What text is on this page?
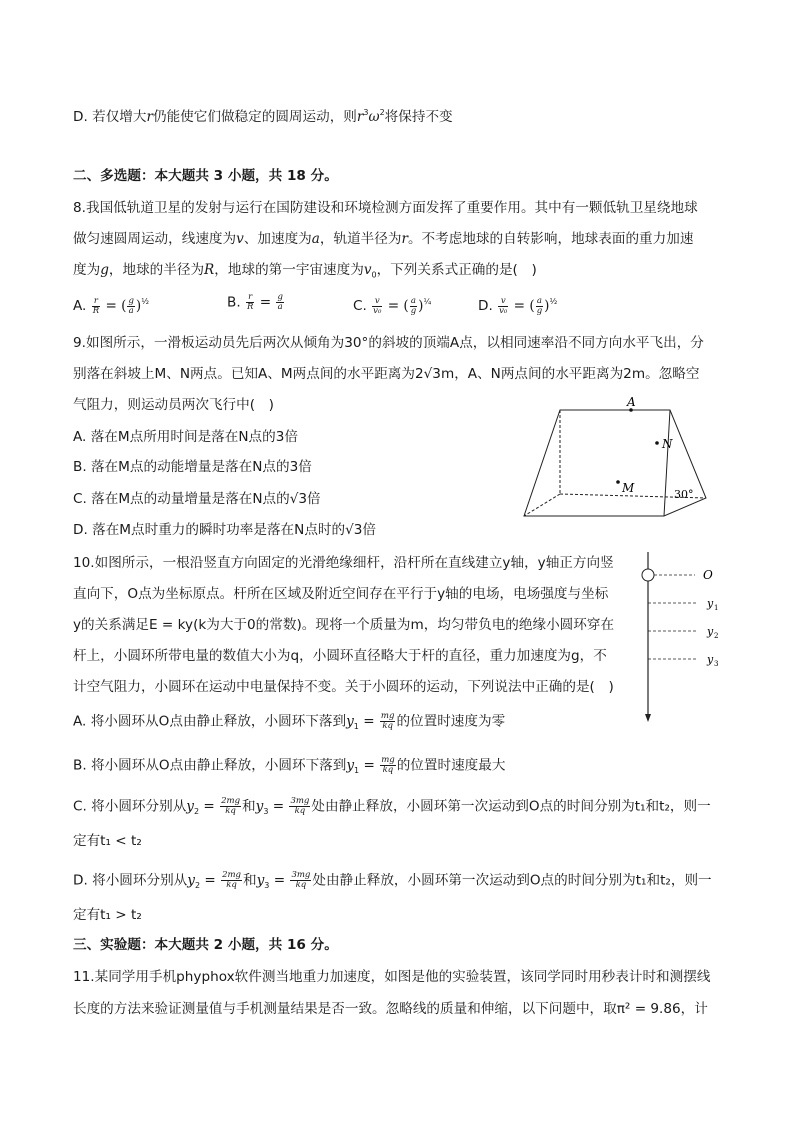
D. 若仅增大r仍能使它们做稳定的圆周运动，则$r^3\omega^2$将保持不变
二、多选题：本大题共 3 小题，共 18 分。
8.我国低轨道卫星的发射与运行在国防建设和环境检测方面发挥了重要作用。其中有一颗低轨卫星绕地球
做匀速圆周运动，线速度为v、加速度为a，轨道半径为r。不考虑地球的自转影响，地球表面的重力加速
度为g，地球的半径为R，地球的第一宇宙速度为$v_0$，下列关系式正确的是(　)
A. $\frac{r}{R}$ = ( $\frac{g}{a} )^{\frac{1}{2}}$	B. $\frac{r}{R} = \frac{g}{a}$	C. $\frac{v}{\text{v₀}}$ = ( $\frac{a}{g} )^{\frac{1}{4}}$	D. $\frac{v}{\text{v₀}}$ = ( $\frac{a}{g} )^{\frac{1}{2}}$
9.如图所示，一滑板运动员先后两次从倾角为30°的斜坡的顶端A点，以相同速率沿不同方向水平飞出，分
别落在斜坡上M、N两点。已知A、M两点间的水平距离为2√3m，A、N两点间的水平距离为2m。忽略空
气阻力，则运动员两次飞行中(　)
A. 落在M点所用时间是落在N点的3倍
B. 落在M点的动能增量是落在N点的3倍
C. 落在M点的动量增量是落在N点的√3倍
D. 落在M点时重力的瞬时功率是落在N点时的√3倍
A
N
M	30°
10.如图所示，一根沿竖直方向固定的光滑绝缘细杆，沿杆所在直线建立y轴，y轴正方向竖
直向下，O点为坐标原点。杆所在区域及附近空间存在平行于y轴的电场，电场强度与坐标
y的关系满足E = ky(k为大于0的常数)。现将一个质量为m，均匀带负电的绝缘小圆环穿在
杆上，小圆环所带电量的数值大小为q，小圆环直径略大于杆的直径，重力加速度为g，不
计空气阻力，小圆环在运动中电量保持不变。关于小圆环的运动，下列说法中正确的是(　)
A. 将小圆环从O点由静止释放，小圆环下落到$y_1 = \frac{mg}{kq}$ 的位置时速度为零
B. 将小圆环从O点由静止释放，小圆环下落到$y_1 = \frac{mg}{kq}$ 的位置时速度最大
C. 将小圆环分别从$y_2 = \frac{2mg}{kq}$ 和$y_3 = \frac{3mg}{kq}$ 处由静止释放，小圆环第一次运动到O点的时间分别为t₁和t₂，则一
定有t₁ < t₂
D. 将小圆环分别从$y_2 = \frac{2mg}{kq}$ 和$y_3 = \frac{3mg}{kq}$ 处由静止释放，小圆环第一次运动到O点的时间分别为t₁和t₂，则一
定有t₁ > t₂
O
y 1
y 2
y 3
三、实验题：本大题共 2 小题，共 16 分。
11.某同学用手机phyphox软件测当地重力加速度，如图是他的实验装置，该同学同时用秒表计时和测摆线
长度的方法来验证测量值与手机测量结果是否一致。忽略线的质量和伸缩，以下问题中，取π² = 9.86，计
